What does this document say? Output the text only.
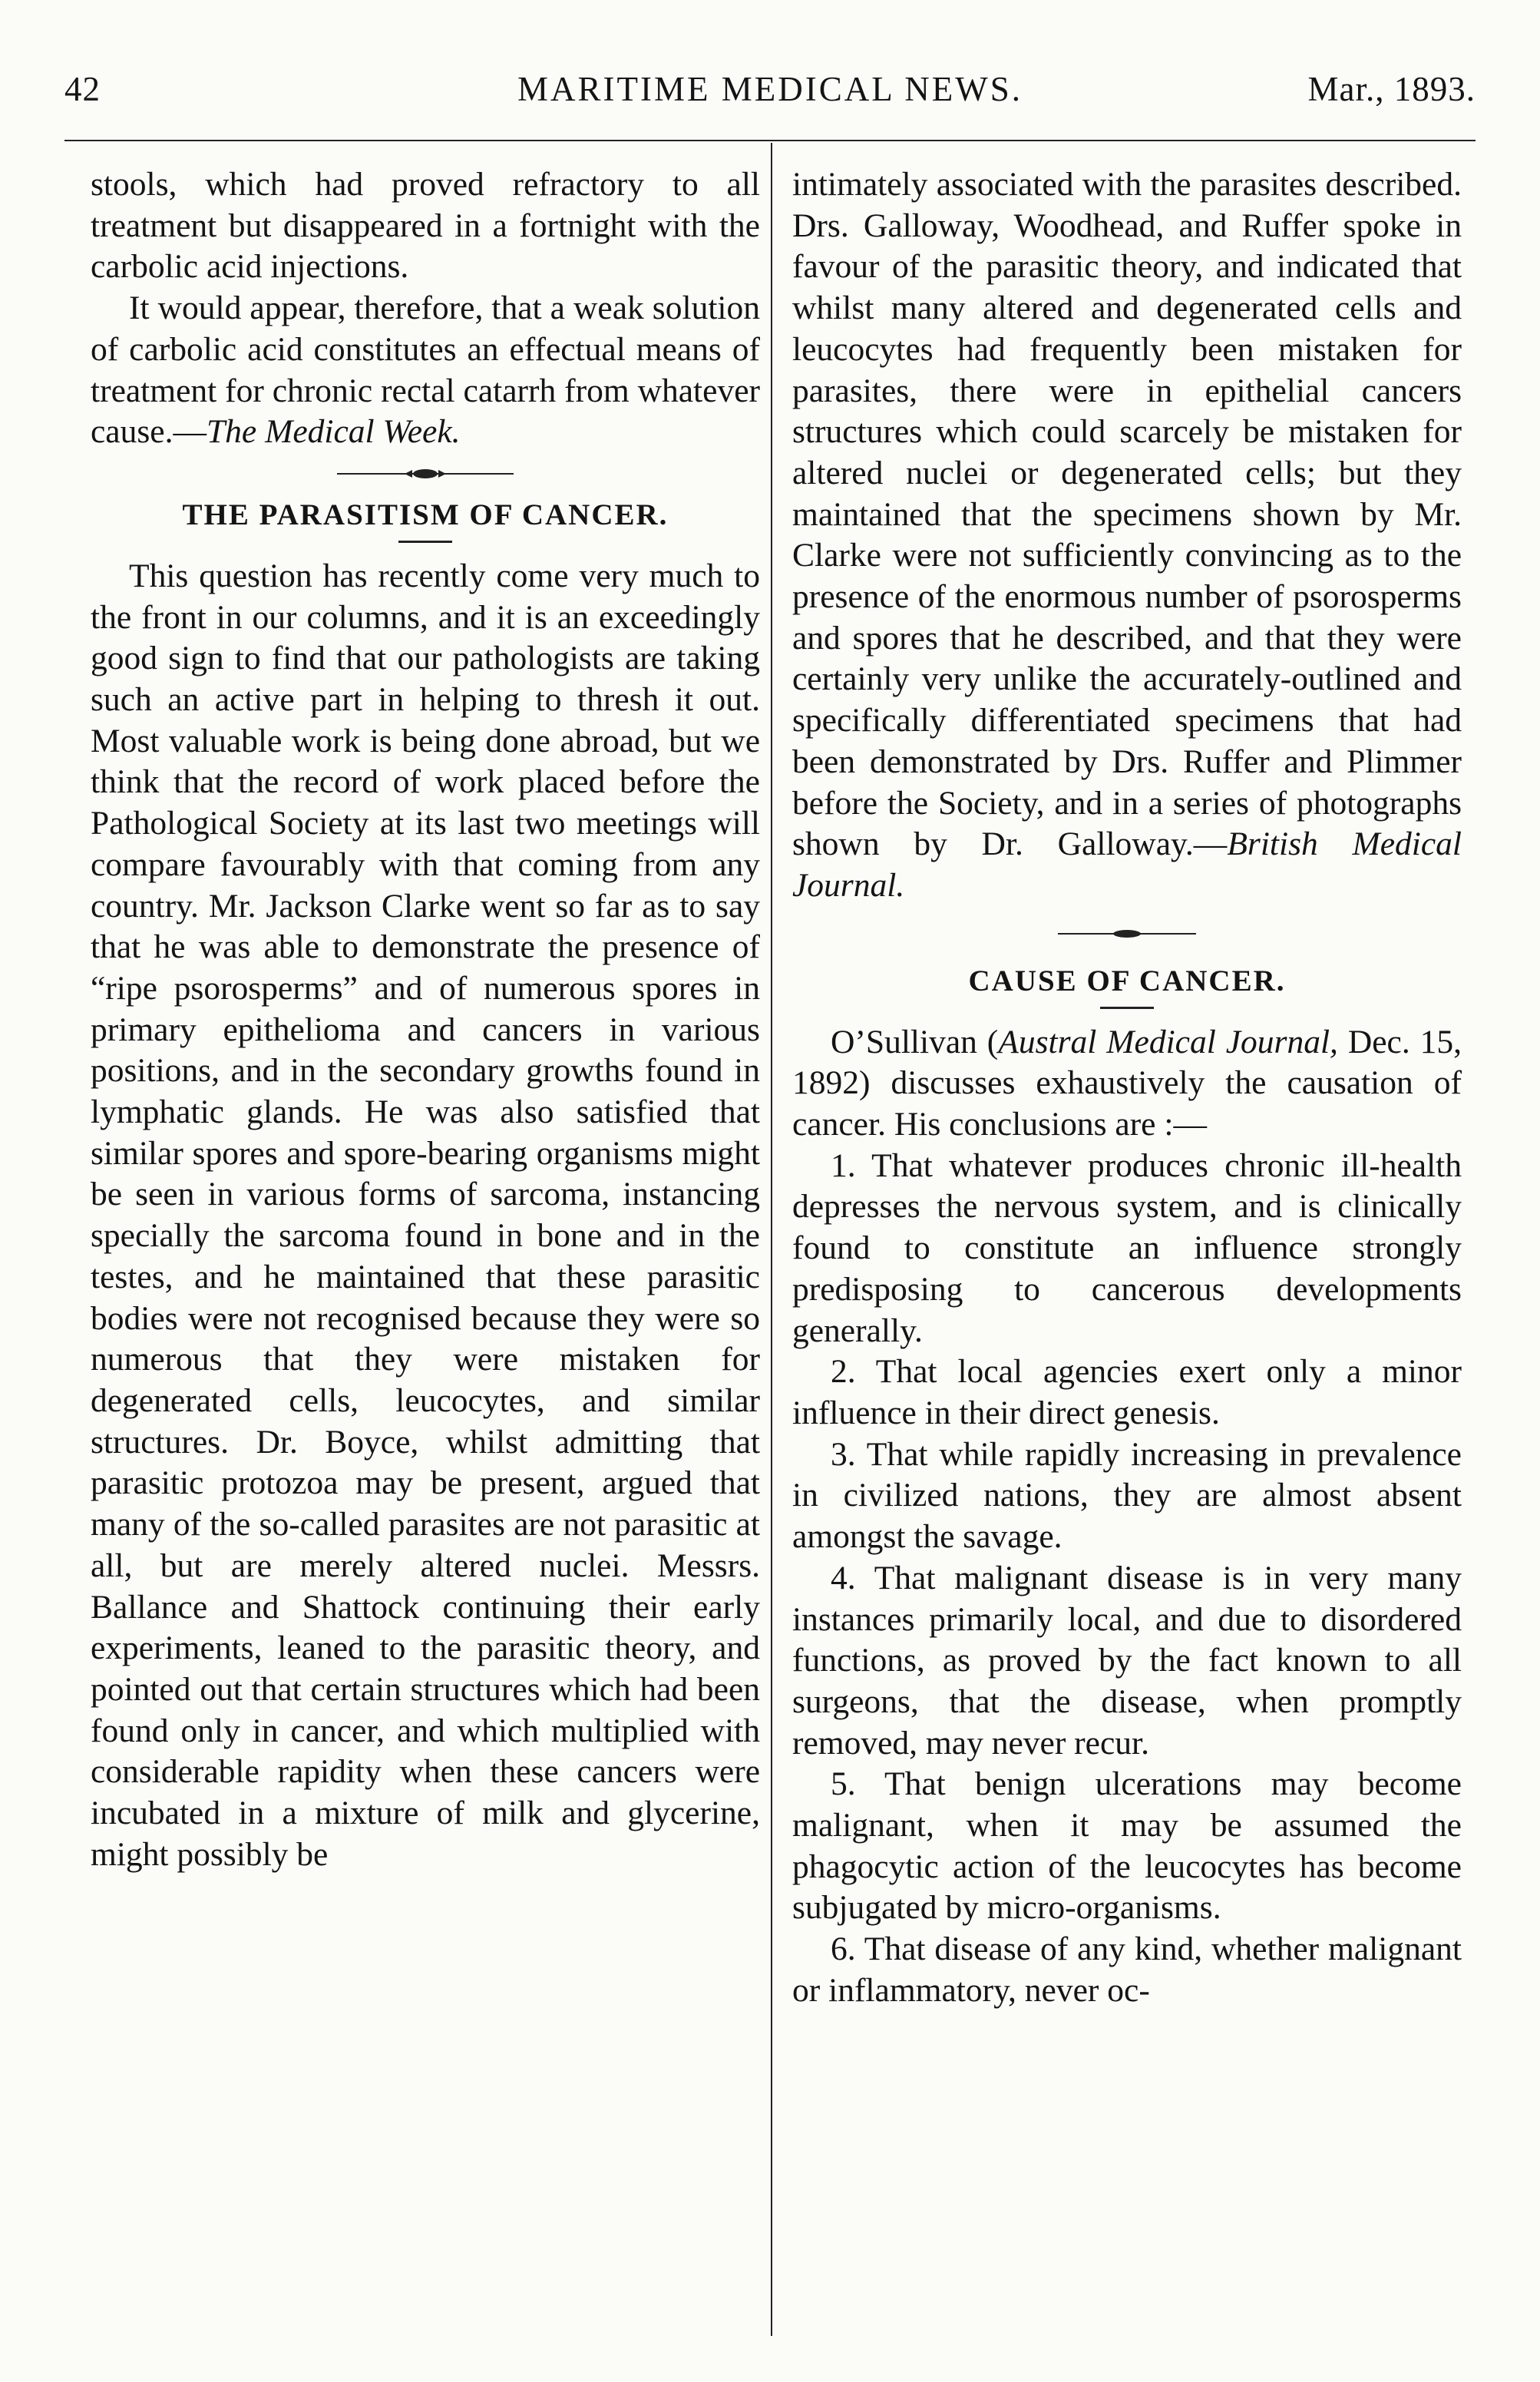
42	MARITIME MEDICAL NEWS.	Mar., 1893.

stools, which had proved refractory to all treatment but disappeared in a fortnight with the carbolic acid injections.

It would appear, therefore, that a weak solution of carbolic acid constitutes an effectual means of treatment for chronic rectal catarrh from whatever cause.—The Medical Week.

THE PARASITISM OF CANCER.

This question has recently come very much to the front in our columns, and it is an exceedingly good sign to find that our pathologists are taking such an active part in helping to thresh it out. Most valuable work is being done abroad, but we think that the record of work placed before the Pathological Society at its last two meetings will compare favourably with that coming from any country. Mr. Jackson Clarke went so far as to say that he was able to demonstrate the presence of “ripe psorosperms” and of numerous spores in primary epithelioma and cancers in various positions, and in the secondary growths found in lymphatic glands. He was also satisfied that similar spores and spore-bearing organisms might be seen in various forms of sarcoma, instancing specially the sarcoma found in bone and in the testes, and he maintained that these parasitic bodies were not recognised because they were so numerous that they were mistaken for degenerated cells, leucocytes, and similar structures. Dr. Boyce, whilst admitting that parasitic protozoa may be present, argued that many of the so-called parasites are not parasitic at all, but are merely altered nuclei. Messrs. Ballance and Shattock continuing their early experiments, leaned to the parasitic theory, and pointed out that certain structures which had been found only in cancer, and which multiplied with considerable rapidity when these cancers were incubated in a mixture of milk and glycerine, might possibly be

intimately associated with the parasites described. Drs. Galloway, Woodhead, and Ruffer spoke in favour of the parasitic theory, and indicated that whilst many altered and degenerated cells and leucocytes had frequently been mistaken for parasites, there were in epithelial cancers structures which could scarcely be mistaken for altered nuclei or degenerated cells; but they maintained that the specimens shown by Mr. Clarke were not sufficiently convincing as to the presence of the enormous number of psorosperms and spores that he described, and that they were certainly very unlike the accurately-outlined and specifically differentiated specimens that had been demonstrated by Drs. Ruffer and Plimmer before the Society, and in a series of photographs shown by Dr. Galloway.—British Medical Journal.

CAUSE OF CANCER.

O’Sullivan (Austral Medical Journal, Dec. 15, 1892) discusses exhaustively the causation of cancer. His conclusions are :—

1. That whatever produces chronic ill-health depresses the nervous system, and is clinically found to constitute an influence strongly predisposing to cancerous developments generally.

2. That local agencies exert only a minor influence in their direct genesis.

3. That while rapidly increasing in prevalence in civilized nations, they are almost absent amongst the savage.

4. That malignant disease is in very many instances primarily local, and due to disordered functions, as proved by the fact known to all surgeons, that the disease, when promptly removed, may never recur.

5. That benign ulcerations may become malignant, when it may be assumed the phagocytic action of the leucocytes has become subjugated by micro-organisms.

6. That disease of any kind, whether malignant or inflammatory, never oc-
